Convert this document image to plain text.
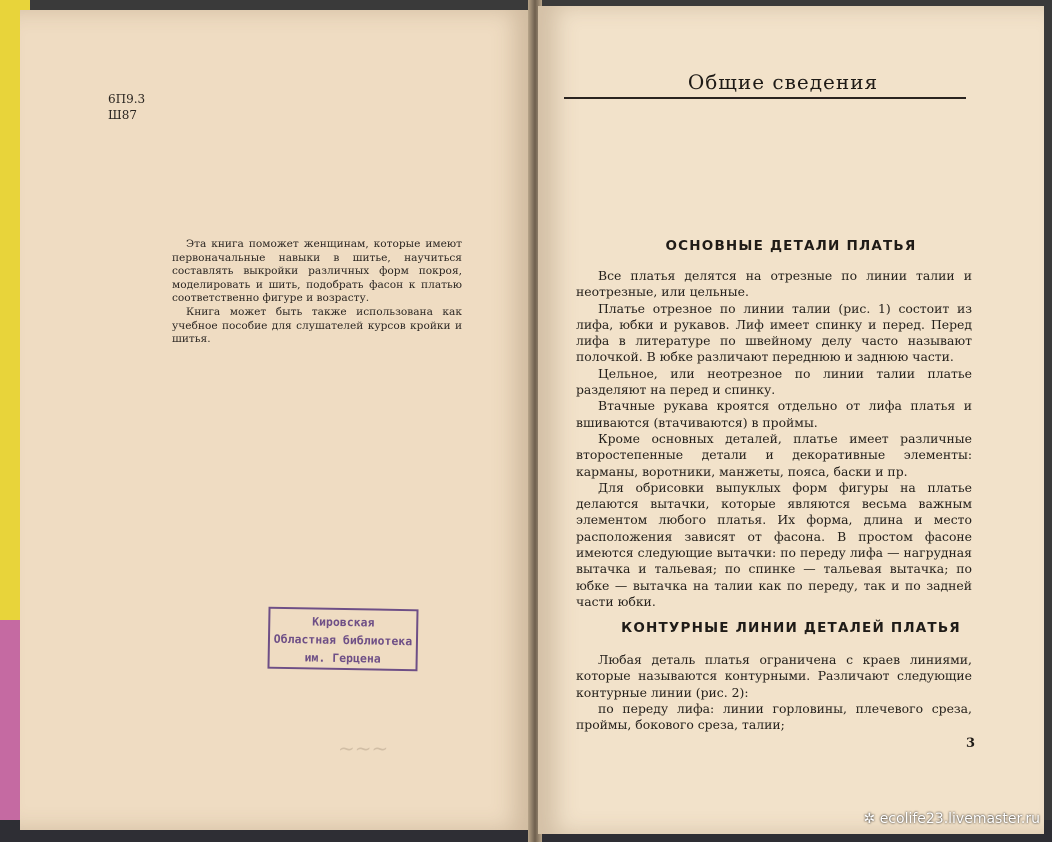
6П9.3
Ш87

Эта книга поможет женщинам, которые имеют первоначальные навыки в шитье, научиться составлять выкройки различных форм покроя, моделировать и шить, подобрать фасон к платью соответственно фигуре и возрасту.

Книга может быть также использована как учебное пособие для слушателей курсов кройки и шитья.

Кировская
Областная библиотека
им. Герцена
~~~
Общие сведения
ОСНОВНЫЕ ДЕТАЛИ ПЛАТЬЯ

Все платья делятся на отрезные по линии талии и неотрезные, или цельные.

Платье отрезное по линии талии (рис. 1) состоит из лифа, юбки и рукавов. Лиф имеет спинку и перед. Перед лифа в литературе по швейному делу часто называют полочкой. В юбке различают переднюю и заднюю части.

Цельное, или неотрезное по линии талии платье разделяют на перед и спинку.

Втачные рукава кроятся отдельно от лифа платья и вшиваются (втачиваются) в проймы.

Кроме основных деталей, платье имеет различные второстепенные детали и декоративные элементы: карманы, воротники, манжеты, пояса, баски и пр.

Для обрисовки выпуклых форм фигуры на платье делаются вытачки, которые являются весьма важным элементом любого платья. Их форма, длина и место расположения зависят от фасона. В простом фасоне имеются следующие вытачки: по переду лифа — нагрудная вытачка и тальевая; по спинке — тальевая вытачка; по юбке — вытачка на талии как по переду, так и по задней части юбки.

КОНТУРНЫЕ ЛИНИИ ДЕТАЛЕЙ ПЛАТЬЯ

Любая деталь платья ограничена с краев линиями, которые называются контурными. Различают следующие контурные линии (рис. 2):

по переду лифа: линии горловины, плечевого среза, проймы, бокового среза, талии;

3
✲ ecolife23.livemaster.ru
